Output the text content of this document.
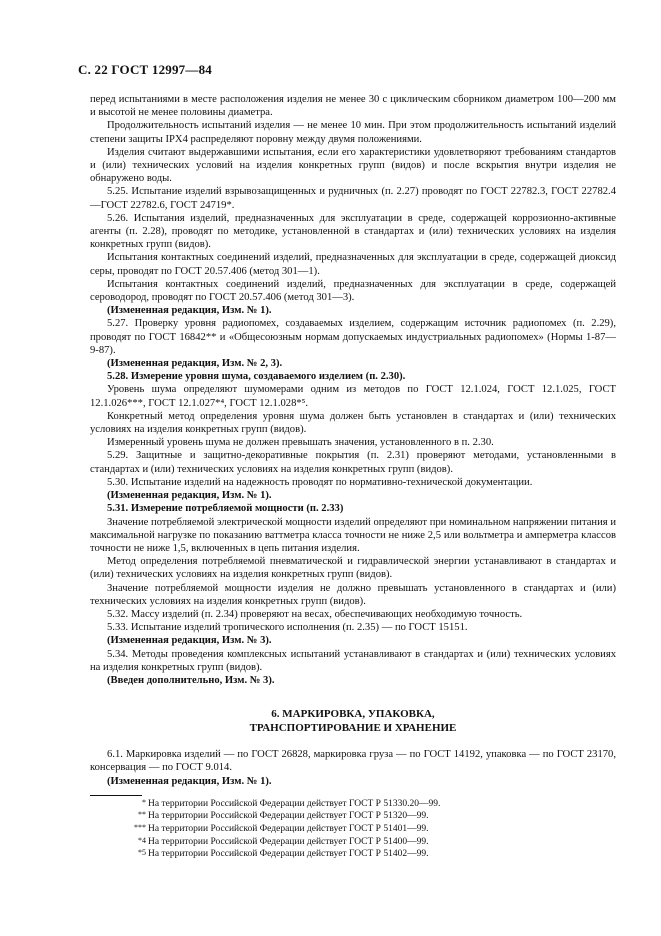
С. 22 ГОСТ 12997—84

перед испытаниями в месте расположения изделия не менее 30 с циклическим сборником диаметром 100—200 мм и высотой не менее половины диаметра.

Продолжительность испытаний изделия — не менее 10 мин. При этом продолжительность испытаний изделий степени защиты IPX4 распределяют поровну между двумя положениями.

Изделия считают выдержавшими испытания, если его характеристики удовлетворяют требованиям стандартов и (или) технических условий на изделия конкретных групп (видов) и после вскрытия внутри изделия не обнаружено воды.

5.25. Испытание изделий взрывозащищенных и рудничных (п. 2.27) проводят по ГОСТ 22782.3, ГОСТ 22782.4—ГОСТ 22782.6, ГОСТ 24719*.

5.26. Испытания изделий, предназначенных для эксплуатации в среде, содержащей коррозионно-активные агенты (п. 2.28), проводят по методике, установленной в стандартах и (или) технических условиях на изделия конкретных групп (видов).

Испытания контактных соединений изделий, предназначенных для эксплуатации в среде, содержащей диоксид серы, проводят по ГОСТ 20.57.406 (метод 301—1).

Испытания контактных соединений изделий, предназначенных для эксплуатации в среде, содержащей сероводород, проводят по ГОСТ 20.57.406 (метод 301—3).

(Измененная редакция, Изм. № 1).

5.27. Проверку уровня радиопомех, создаваемых изделием, содержащим источник радиопомех (п. 2.29), проводят по ГОСТ 16842** и «Общесоюзным нормам допускаемых индустриальных радиопомех» (Нормы 1-87—9-87).

(Измененная редакция, Изм. № 2, 3).

5.28. Измерение уровня шума, создаваемого изделием (п. 2.30).

Уровень шума определяют шумомерами одним из методов по ГОСТ 12.1.024, ГОСТ 12.1.025, ГОСТ 12.1.026***, ГОСТ 12.1.027*⁴, ГОСТ 12.1.028*⁵.

Конкретный метод определения уровня шума должен быть установлен в стандартах и (или) технических условиях на изделия конкретных групп (видов).

Измеренный уровень шума не должен превышать значения, установленного в п. 2.30.

5.29. Защитные и защитно-декоративные покрытия (п. 2.31) проверяют методами, установленными в стандартах и (или) технических условиях на изделия конкретных групп (видов).

5.30. Испытание изделий на надежность проводят по нормативно-технической документации.

(Измененная редакция, Изм. № 1).

5.31. Измерение потребляемой мощности (п. 2.33)

Значение потребляемой электрической мощности изделий определяют при номинальном напряжении питания и максимальной нагрузке по показанию ваттметра класса точности не ниже 2,5 или вольтметра и амперметра классов точности не ниже 1,5, включенных в цепь питания изделия.

Метод определения потребляемой пневматической и гидравлической энергии устанавливают в стандартах и (или) технических условиях на изделия конкретных групп (видов).

Значение потребляемой мощности изделия не должно превышать установленного в стандартах и (или) технических условиях на изделия конкретных групп (видов).

5.32. Массу изделий (п. 2.34) проверяют на весах, обеспечивающих необходимую точность.

5.33. Испытание изделий тропического исполнения (п. 2.35) — по ГОСТ 15151.

(Измененная редакция, Изм. № 3).

5.34. Методы проведения комплексных испытаний устанавливают в стандартах и (или) технических условиях на изделия конкретных групп (видов).

(Введен дополнительно, Изм. № 3).

6. МАРКИРОВКА, УПАКОВКА,
ТРАНСПОРТИРОВАНИЕ И ХРАНЕНИЕ

6.1. Маркировка изделий — по ГОСТ 26828, маркировка груза — по ГОСТ 14192, упаковка — по ГОСТ 23170, консервация — по ГОСТ 9.014.

(Измененная редакция, Изм. № 1).

* На территории Российской Федерации действует ГОСТ Р 51330.20—99.
** На территории Российской Федерации действует ГОСТ Р 51320—99.
*** На территории Российской Федерации действует ГОСТ Р 51401—99.
*4 На территории Российской Федерации действует ГОСТ Р 51400—99.
*5 На территории Российской Федерации действует ГОСТ Р 51402—99.
